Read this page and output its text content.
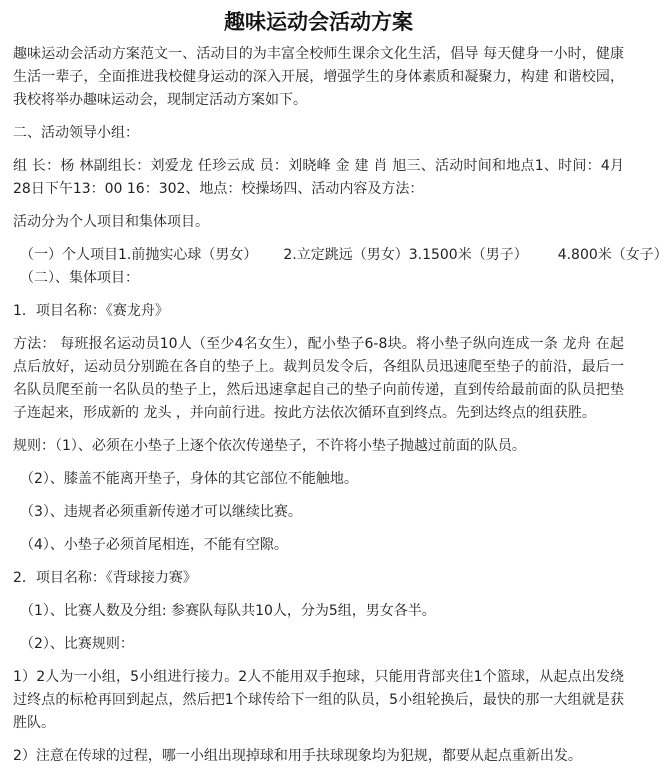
趣味运动会活动方案

趣味运动会活动方案范文一、活动目的为丰富全校师生课余文化生活，倡导 每天健身一小时，健康生活一辈子，全面推进我校健身运动的深入开展，增强学生的身体素质和凝聚力，构建 和谐校园，我校将举办趣味运动会，现制定活动方案如下。

二、活动领导小组：

组 长：杨 林副组长：刘爱龙 任珍云成 员：刘晓峰 金 建 肖 旭三、活动时间和地点1、时间：4月 28日下午13：00 16：302、地点：校操场四、活动内容及方法：

活动分为个人项目和集体项目。

（一）个人项目1.前抛实心球（男女） 2.立定跳远（男女）3.1500米（男子） 4.800米（女子）

（二）、集体项目：

1．项目名称：《赛龙舟》

方法： 每班报名运动员10人（至少4名女生），配小垫子6-8块。将小垫子纵向连成一条 龙舟 在起点后放好，运动员分别跪在各自的垫子上。裁判员发令后，各组队员迅速爬至垫子的前沿，最后一名队员爬至前一名队员的垫子上，然后迅速拿起自己的垫子向前传递，直到传给最前面的队员把垫子连起来，形成新的 龙头 ，并向前行进。按此方法依次循环直到终点。先到达终点的组获胜。

规则：（1）、必须在小垫子上逐个依次传递垫子，不许将小垫子抛越过前面的队员。

（2）、膝盖不能离开垫子，身体的其它部位不能触地。

（3）、违规者必须重新传递才可以继续比赛。

（4）、小垫子必须首尾相连，不能有空隙。

2．项目名称：《背球接力赛》

（1）、比赛人数及分组: 参赛队每队共10人，分为5组，男女各半。

（2）、比赛规则：

1）2人为一小组，5小组进行接力。2人不能用双手抱球，只能用背部夹住1个篮球，从起点出发绕过终点的标枪再回到起点，然后把1个球传给下一组的队员，5小组轮换后，最快的那一大组就是获胜队。

2）注意在传球的过程，哪一小组出现掉球和用手扶球现象均为犯规，都要从起点重新出发。
